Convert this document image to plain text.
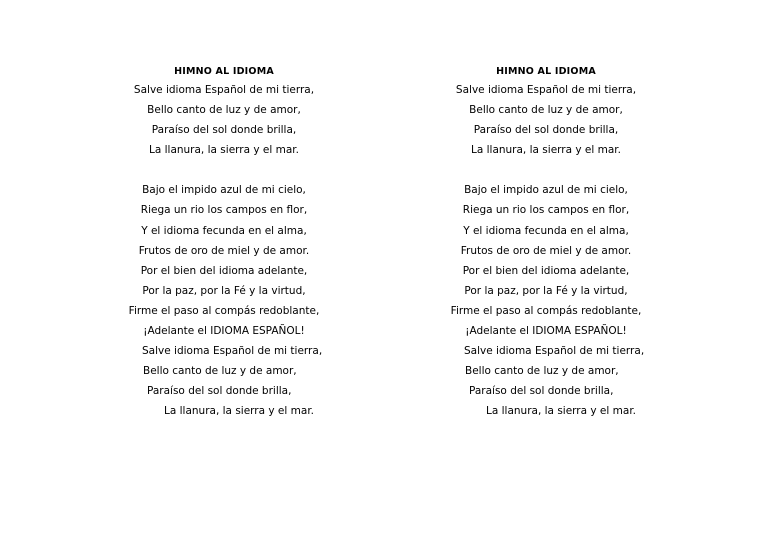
HIMNO AL IDIOMA
Salve idioma Español de mi tierra,
Bello canto de luz y de amor,
Paraíso del sol donde brilla,
La llanura, la sierra y el mar.
Bajo el impido azul de mi cielo,
Riega un rio los campos en flor,
Y el idioma fecunda en el alma,
Frutos de oro de miel y de amor.
Por el bien del idioma adelante,
Por la paz, por la Fé y la virtud,
Firme el paso al compás redoblante,
¡Adelante el IDIOMA ESPAÑOL!
Salve idioma Español de mi tierra,
Bello canto de luz y de amor,
Paraíso del sol donde brilla,
La llanura, la sierra y el mar.
HIMNO AL IDIOMA
Salve idioma Español de mi tierra,
Bello canto de luz y de amor,
Paraíso del sol donde brilla,
La llanura, la sierra y el mar.
Bajo el impido azul de mi cielo,
Riega un rio los campos en flor,
Y el idioma fecunda en el alma,
Frutos de oro de miel y de amor.
Por el bien del idioma adelante,
Por la paz, por la Fé y la virtud,
Firme el paso al compás redoblante,
¡Adelante el IDIOMA ESPAÑOL!
Salve idioma Español de mi tierra,
Bello canto de luz y de amor,
Paraíso del sol donde brilla,
La llanura, la sierra y el mar.
